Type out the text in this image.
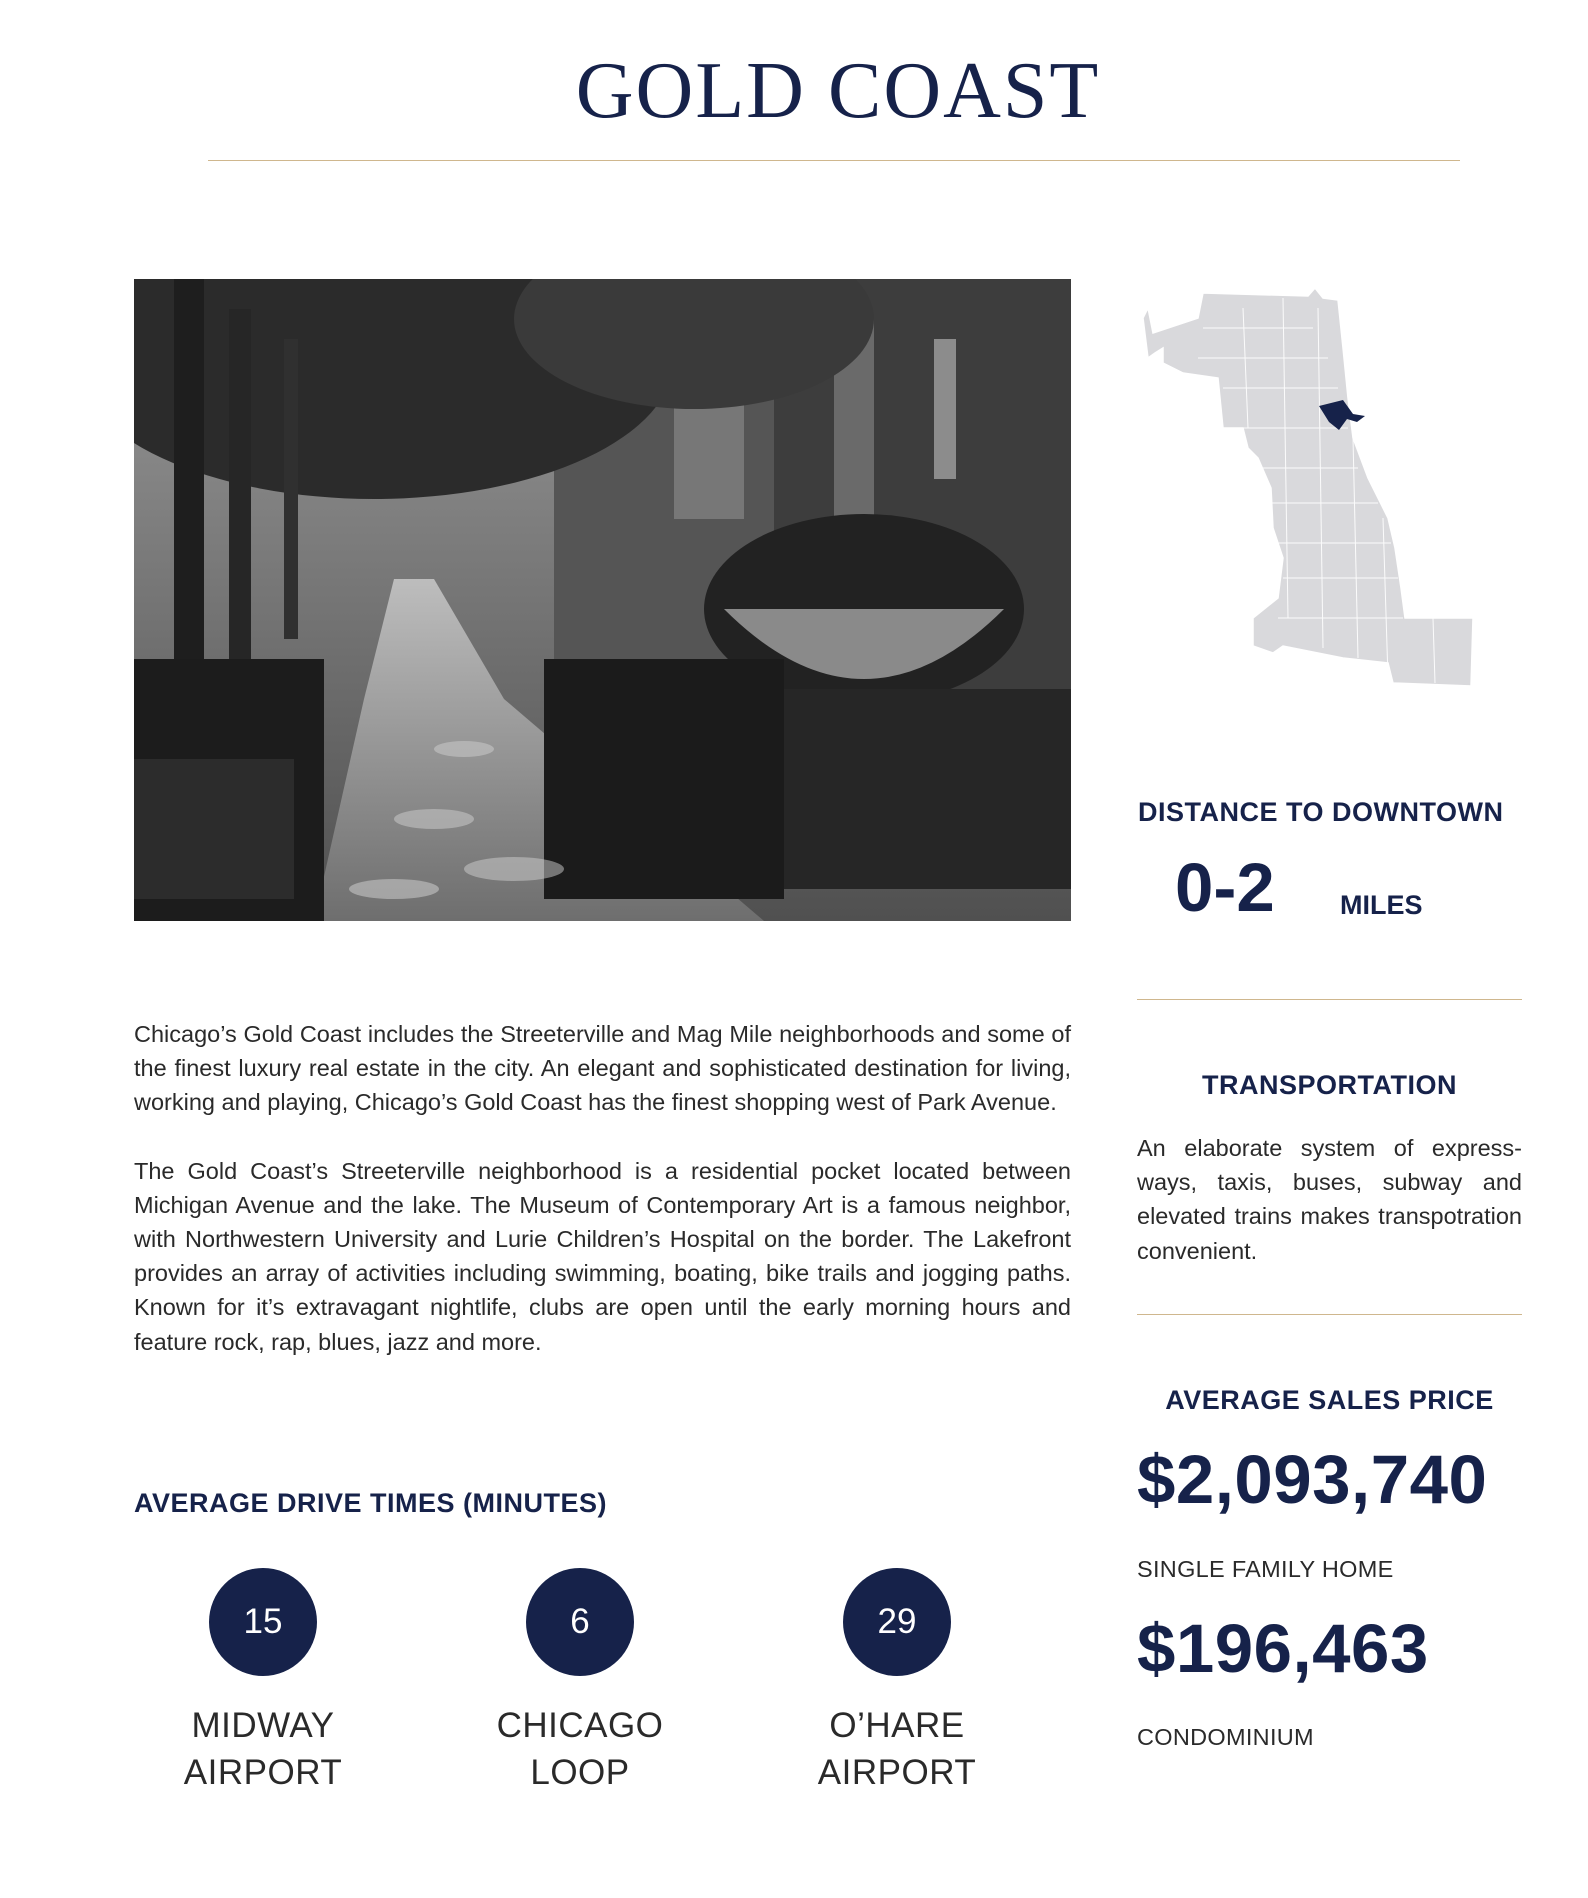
GOLD COAST

Chicago’s Gold Coast includes the Streeterville and Mag Mile neighborhoods and some of the finest luxury real estate in the city. An elegant and sophisticated destination for living, working and playing, Chicago’s Gold Coast has the finest shopping west of Park Avenue.

The Gold Coast’s Streeterville neighborhood is a residential pocket located between Michigan Avenue and the lake. The Museum of Contemporary Art is a famous neighbor, with Northwestern University and Lurie Children’s Hospital on the border. The Lakefront provides an array of activities including swimming, boating, bike trails and jogging paths. Known for it’s extravagant nightlife, clubs are open until the early morning hours and feature rock, rap, blues, jazz and more.

AVERAGE DRIVE TIMES (MINUTES)
15
MIDWAY
AIRPORT
6
CHICAGO
LOOP
29
O’HARE
AIRPORT
DISTANCE TO DOWNTOWN
0-2 MILES
TRANSPORTATION
An elaborate system of express-ways, taxis, buses, subway and elevated trains makes transpotration convenient.
AVERAGE SALES PRICE
$2,093,740
SINGLE FAMILY HOME
$196,463
CONDOMINIUM
